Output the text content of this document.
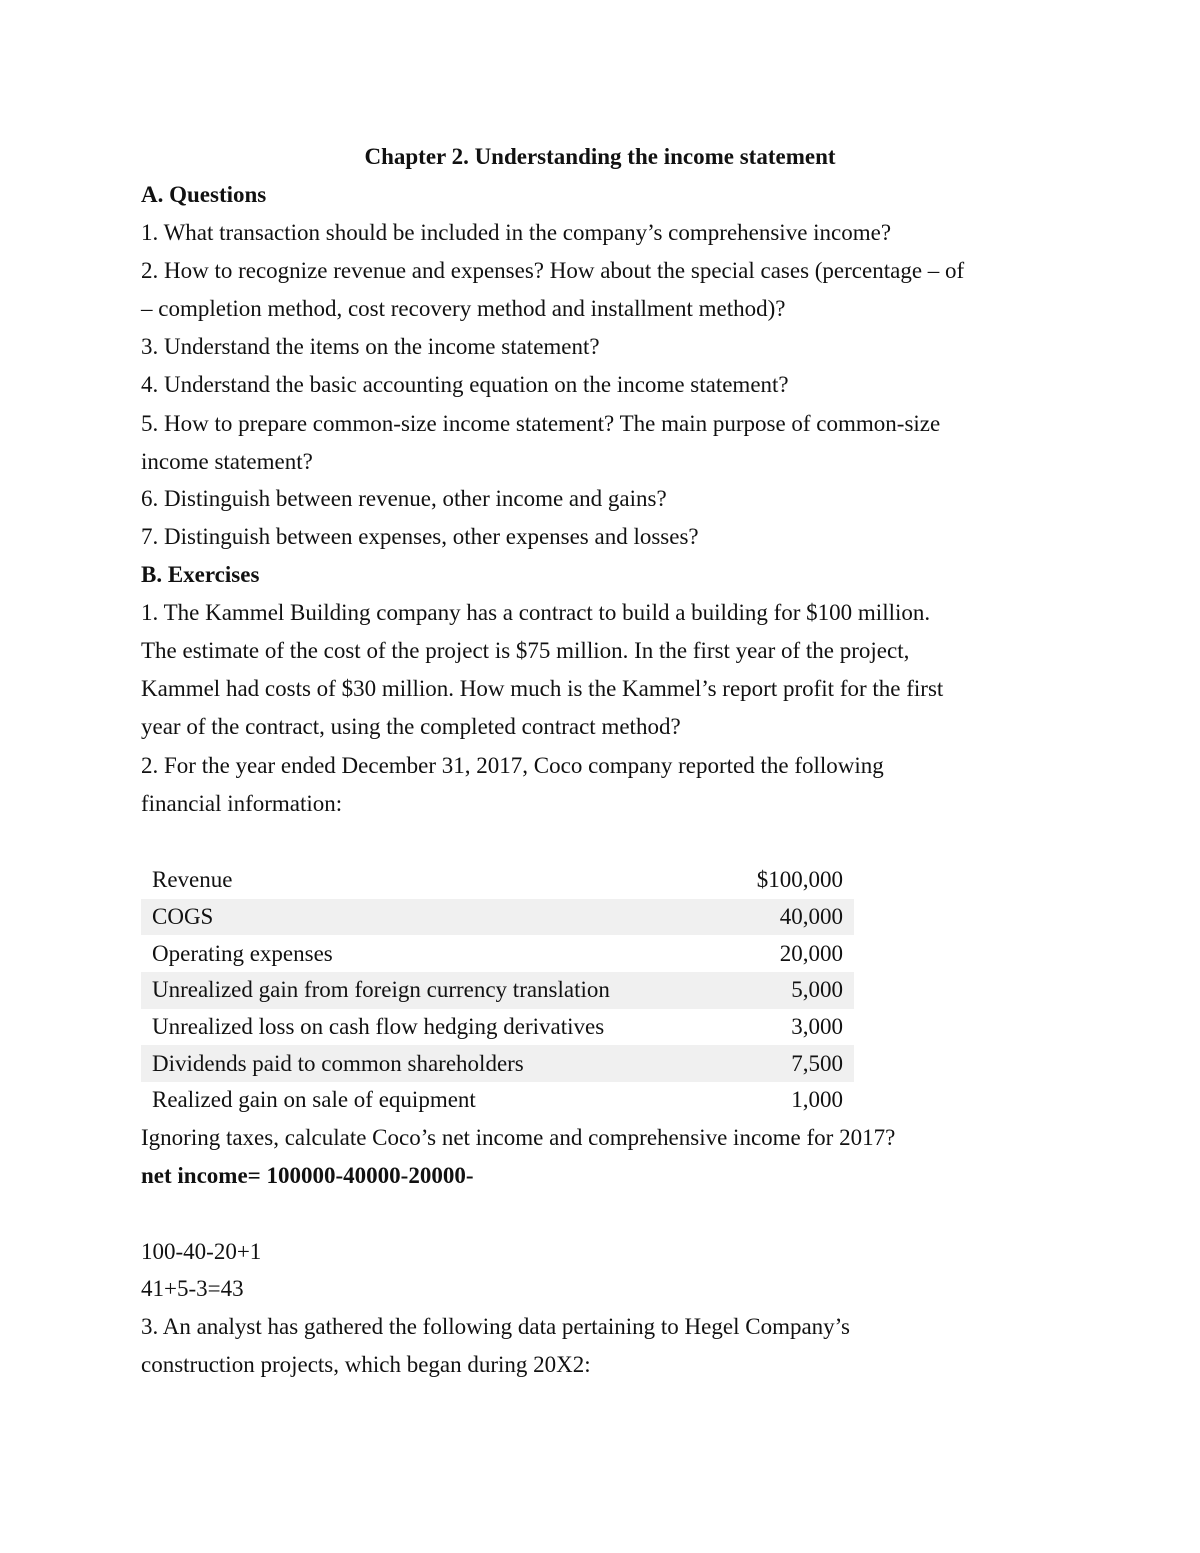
Chapter 2. Understanding the income statement
A. Questions
1. What transaction should be included in the company’s comprehensive income?
2. How to recognize revenue and expenses? How about the special cases (percentage – of
– completion method, cost recovery method and installment method)?
3. Understand the items on the income statement?
4. Understand the basic accounting equation on the income statement?
5. How to prepare common-size income statement? The main purpose of common-size
income statement?
6. Distinguish between revenue, other income and gains?
7. Distinguish between expenses, other expenses and losses?
B. Exercises
1. The Kammel Building company has a contract to build a building for $100 million.
The estimate of the cost of the project is $75 million. In the first year of the project,
Kammel had costs of $30 million. How much is the Kammel’s report profit for the first
year of the contract, using the completed contract method?
2. For the year ended December 31, 2017, Coco company reported the following
financial information:
Revenue	$100,000
COGS	40,000
Operating expenses	20,000
Unrealized gain from foreign currency translation	5,000
Unrealized loss on cash flow hedging derivatives	3,000
Dividends paid to common shareholders	7,500
Realized gain on sale of equipment	1,000
Ignoring taxes, calculate Coco’s net income and comprehensive income for 2017?
net income= 100000-40000-20000-
100-40-20+1
41+5-3=43
3. An analyst has gathered the following data pertaining to Hegel Company’s
construction projects, which began during 20X2:
